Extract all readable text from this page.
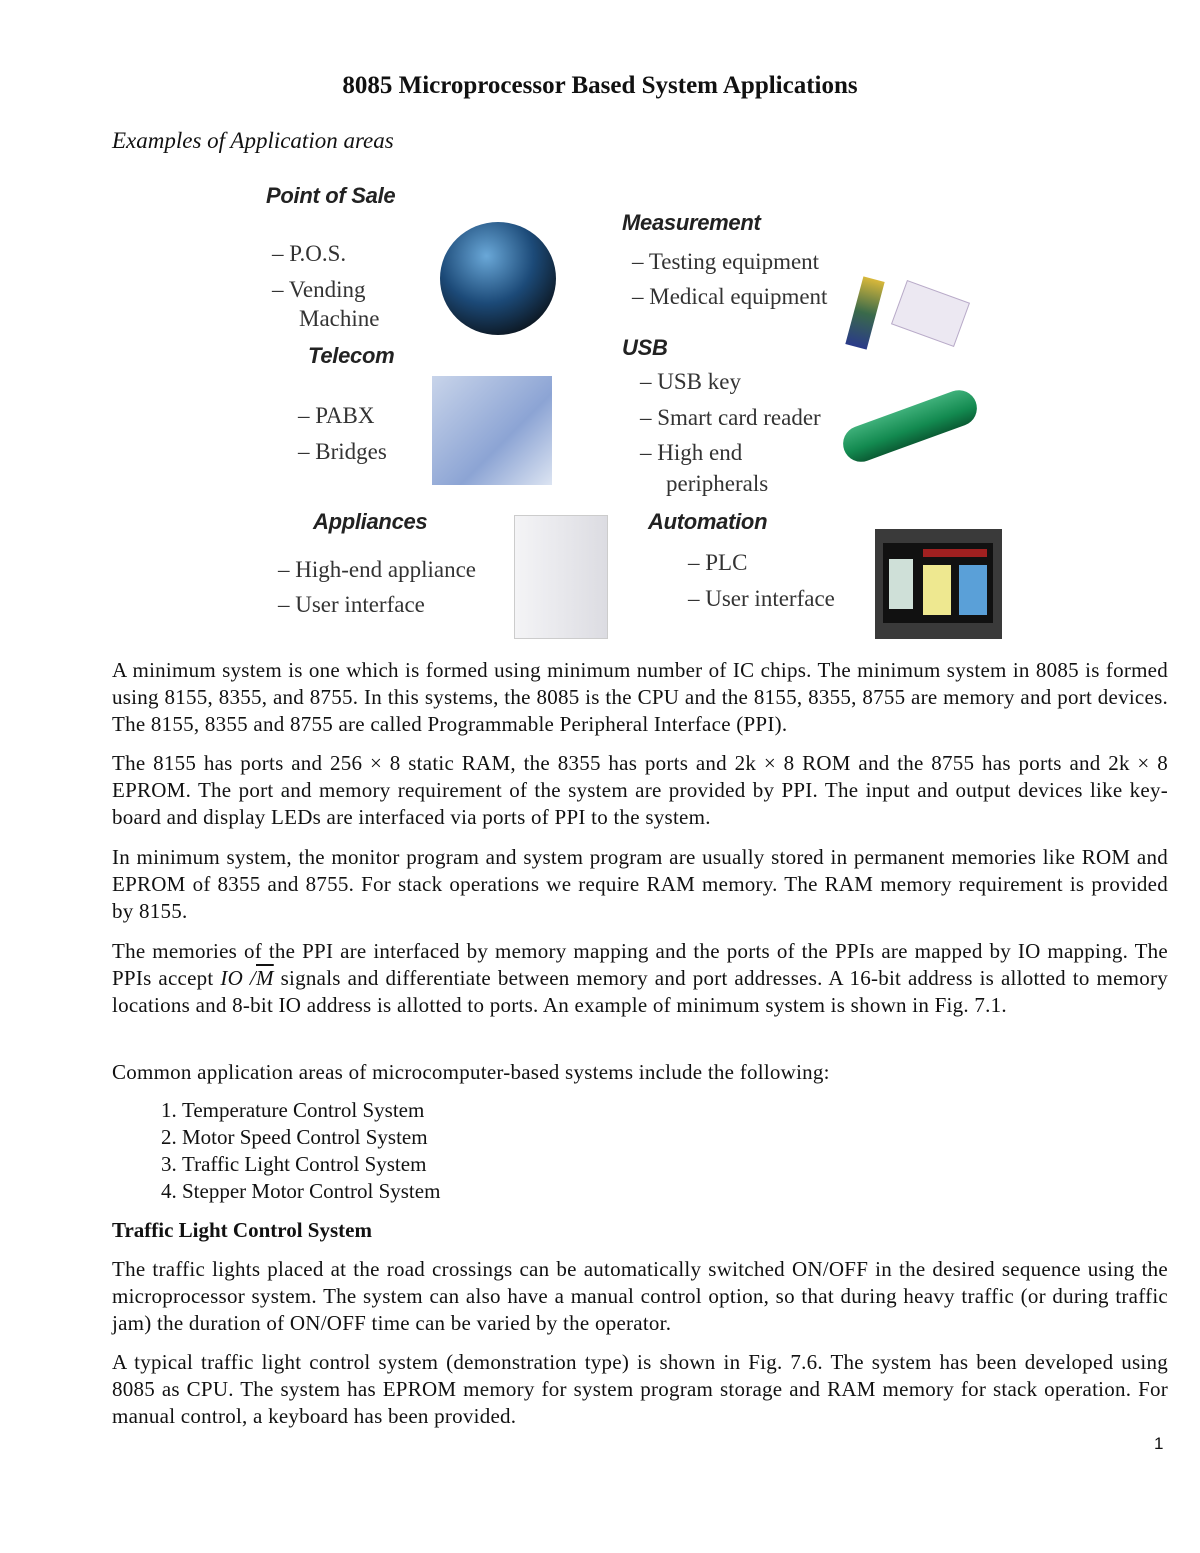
8085 Microprocessor Based System Applications
Examples of Application areas
Point of Sale
– P.O.S.
– Vending
Machine
Measurement
– Testing equipment
– Medical equipment
Telecom
– PABX
– Bridges
USB
– USB key
– Smart card reader
– High end
peripherals
Appliances
– High-end appliance
– User interface
Automation
– PLC
– User interface
A minimum system is one which is formed using minimum number of IC chips. The minimum system in 8085 is formed using 8155, 8355, and 8755. In this systems, the 8085 is the CPU and the 8155, 8355, 8755 are memory and port devices. The 8155, 8355 and 8755 are called Programmable Peripheral Interface (PPI).
The 8155 has ports and 256 × 8 static RAM, the 8355 has ports and 2k × 8 ROM and the 8755 has ports and 2k × 8 EPROM. The port and memory requirement of the system are provided by PPI. The input and output devices like key-board and display LEDs are interfaced via ports of PPI to the system.
In minimum system, the monitor program and system program are usually stored in permanent memories like ROM and EPROM of 8355 and 8755. For stack operations we require RAM memory. The RAM memory requirement is provided by 8155.
The memories of the PPI are interfaced by memory mapping and the ports of the PPIs are mapped by IO mapping. The PPIs accept IO $/\overline{M}$ signals and differentiate between memory and port addresses. A 16-bit address is allotted to memory locations and 8-bit IO address is allotted to ports. An example of minimum system is shown in Fig. 7.1.
Common application areas of microcomputer-based systems include the following:
1. Temperature Control System
2. Motor Speed Control System
3. Traffic Light Control System
4. Stepper Motor Control System
Traffic Light Control System
The traffic lights placed at the road crossings can be automatically switched ON/OFF in the desired sequence using the microprocessor system. The system can also have a manual control option, so that during heavy traffic (or during traffic jam) the duration of ON/OFF time can be varied by the operator.
A typical traffic light control system (demonstration type) is shown in Fig. 7.6. The system has been developed using 8085 as CPU. The system has EPROM memory for system program storage and RAM memory for stack operation. For manual control, a keyboard has been provided.
1
